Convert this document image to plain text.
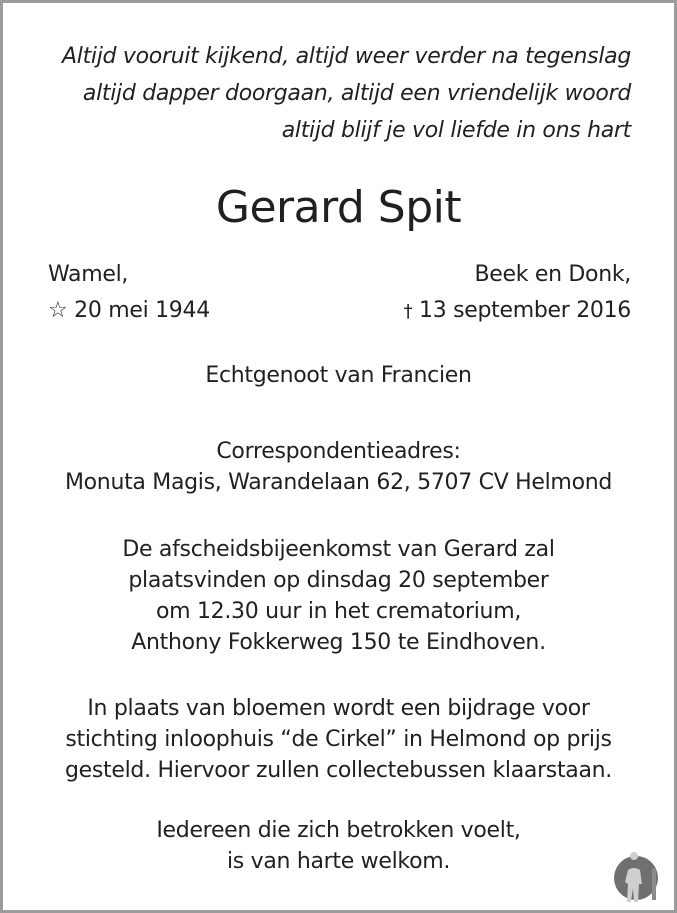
Altijd vooruit kijkend, altijd weer verder na tegenslag
altijd dapper doorgaan, altijd een vriendelijk woord
altijd blijf je vol liefde in ons hart
Gerard Spit
Wamel,	Beek en Donk,
☆ 20 mei 1944	† 13 september 2016
Echtgenoot van Francien
Correspondentieadres:
Monuta Magis, Warandelaan 62, 5707 CV Helmond
De afscheidsbijeenkomst van Gerard zal
plaatsvinden op dinsdag 20 september
om 12.30 uur in het crematorium,
Anthony Fokkerweg 150 te Eindhoven.
In plaats van bloemen wordt een bijdrage voor
stichting inloophuis “de Cirkel” in Helmond op prijs
gesteld. Hiervoor zullen collectebussen klaarstaan.
Iedereen die zich betrokken voelt,
is van harte welkom.
